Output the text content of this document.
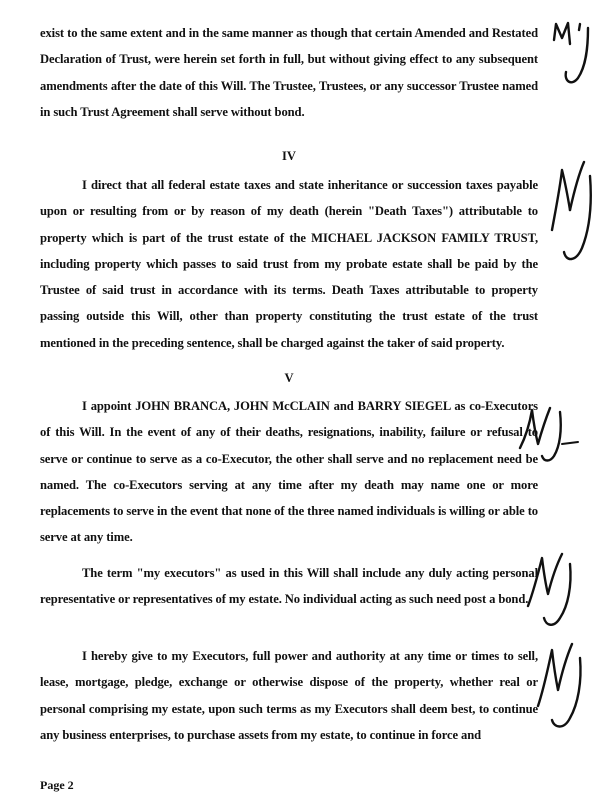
exist to the same extent and in the same manner as though that certain Amended and Restated Declaration of Trust, were herein set forth in full, but without giving effect to any subsequent amendments after the date of this Will. The Trustee, Trustees, or any successor Trustee named in such Trust Agreement shall serve without bond.

IV

I direct that all federal estate taxes and state inheritance or succession taxes payable upon or resulting from or by reason of my death (herein "Death Taxes") attributable to property which is part of the trust estate of the MICHAEL JACKSON FAMILY TRUST, including property which passes to said trust from my probate estate shall be paid by the Trustee of said trust in accordance with its terms. Death Taxes attributable to property passing outside this Will, other than property constituting the trust estate of the trust mentioned in the preceding sentence, shall be charged against the taker of said property.

V

I appoint JOHN BRANCA, JOHN McCLAIN and BARRY SIEGEL as co-Executors of this Will. In the event of any of their deaths, resignations, inability, failure or refusal to serve or continue to serve as a co-Executor, the other shall serve and no replacement need be named. The co-Executors serving at any time after my death may name one or more replacements to serve in the event that none of the three named individuals is willing or able to serve at any time.

The term "my executors" as used in this Will shall include any duly acting personal representative or representatives of my estate. No individual acting as such need post a bond.

I hereby give to my Executors, full power and authority at any time or times to sell, lease, mortgage, pledge, exchange or otherwise dispose of the property, whether real or personal comprising my estate, upon such terms as my Executors shall deem best, to continue any business enterprises, to purchase assets from my estate, to continue in force and

Page 2
